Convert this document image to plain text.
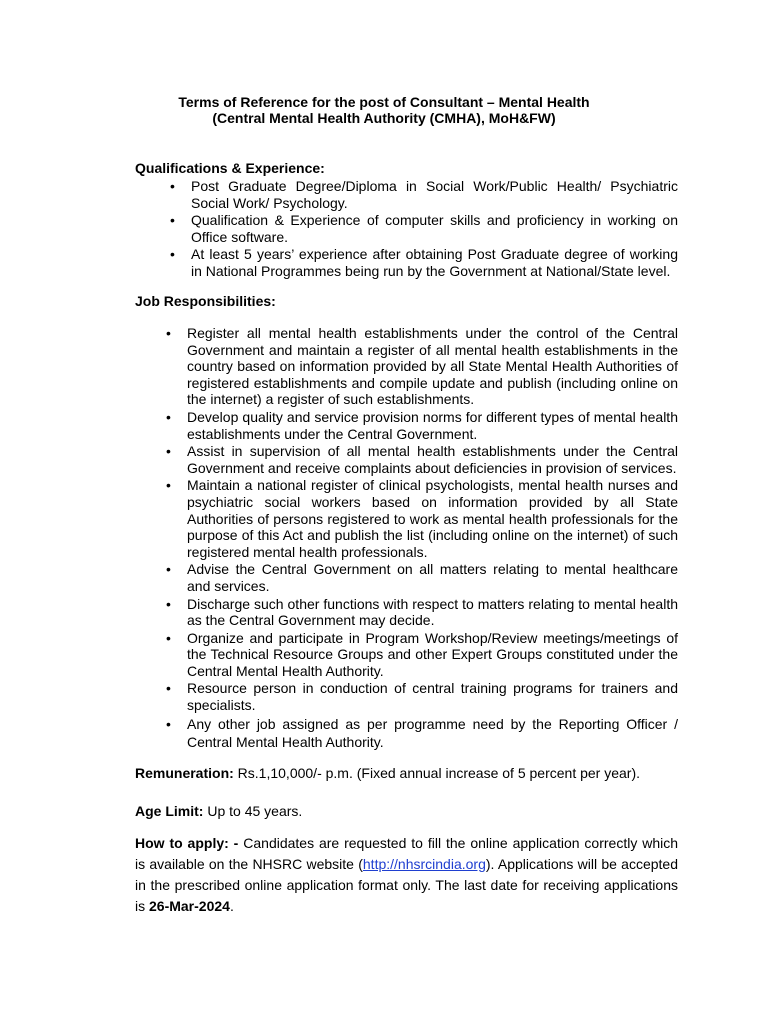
Terms of Reference for the post of Consultant – Mental Health
(Central Mental Health Authority (CMHA), MoH&FW)
Qualifications & Experience:
• Post Graduate Degree/Diploma in Social Work/Public Health/ Psychiatric Social Work/ Psychology.
• Qualification & Experience of computer skills and proficiency in working on Office software.
• At least 5 years’ experience after obtaining Post Graduate degree of working in National Programmes being run by the Government at National/State level.
Job Responsibilities:
• Register all mental health establishments under the control of the Central Government and maintain a register of all mental health establishments in the country based on information provided by all State Mental Health Authorities of registered establishments and compile update and publish (including online on the internet) a register of such establishments.
• Develop quality and service provision norms for different types of mental health establishments under the Central Government.
• Assist in supervision of all mental health establishments under the Central Government and receive complaints about deficiencies in provision of services.
• Maintain a national register of clinical psychologists, mental health nurses and psychiatric social workers based on information provided by all State Authorities of persons registered to work as mental health professionals for the purpose of this Act and publish the list (including online on the internet) of such registered mental health professionals.
• Advise the Central Government on all matters relating to mental healthcare and services.
• Discharge such other functions with respect to matters relating to mental health as the Central Government may decide.
• Organize and participate in Program Workshop/Review meetings/meetings of the Technical Resource Groups and other Expert Groups constituted under the Central Mental Health Authority.
• Resource person in conduction of central training programs for trainers and specialists.
• Any other job assigned as per programme need by the Reporting Officer / Central Mental Health Authority.
Remuneration: Rs.1,10,000/- p.m. (Fixed annual increase of 5 percent per year).
Age Limit: Up to 45 years.
How to apply: - Candidates are requested to fill the online application correctly which is available on the NHSRC website (http://nhsrcindia.org). Applications will be accepted in the prescribed online application format only. The last date for receiving applications is 26-Mar-2024.
